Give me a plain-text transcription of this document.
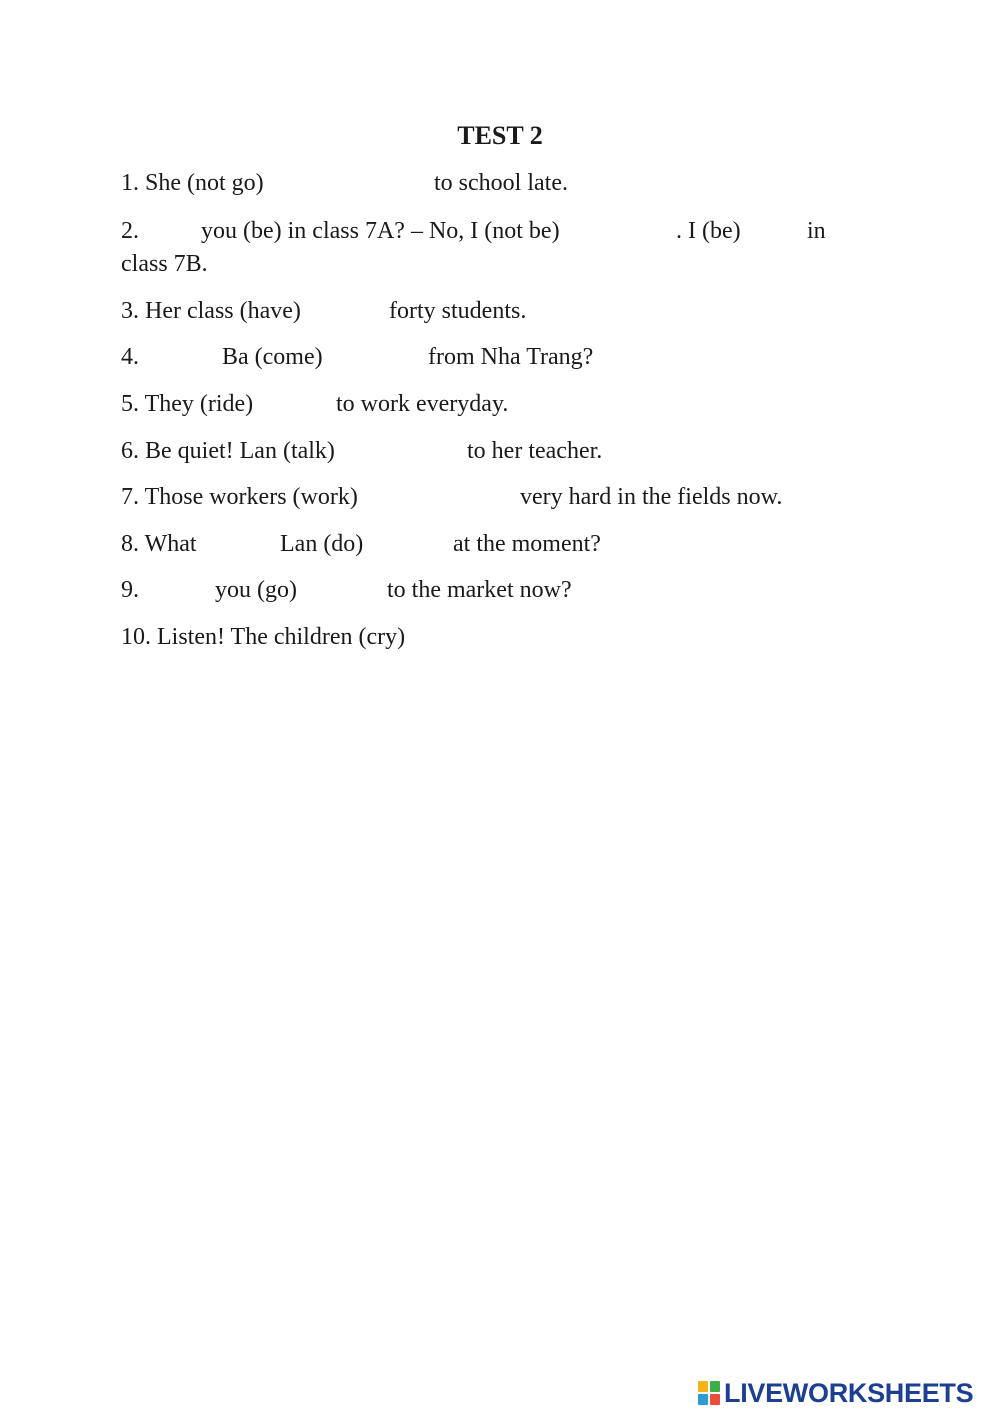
TEST 2
1. She (not go)	to school late.
2.	you (be) in class 7A? – No, I (not be)	. I (be)	in
class 7B.
3. Her class (have)	forty students.
4.	Ba (come)	from Nha Trang?
5. They (ride)	to work everyday.
6. Be quiet! Lan (talk)	to her teacher.
7. Those workers (work)	very hard in the fields now.
8. What	Lan (do)	at the moment?
9.	you (go)	to the market now?
10. Listen! The children (cry)
LIVEWORKSHEETS
